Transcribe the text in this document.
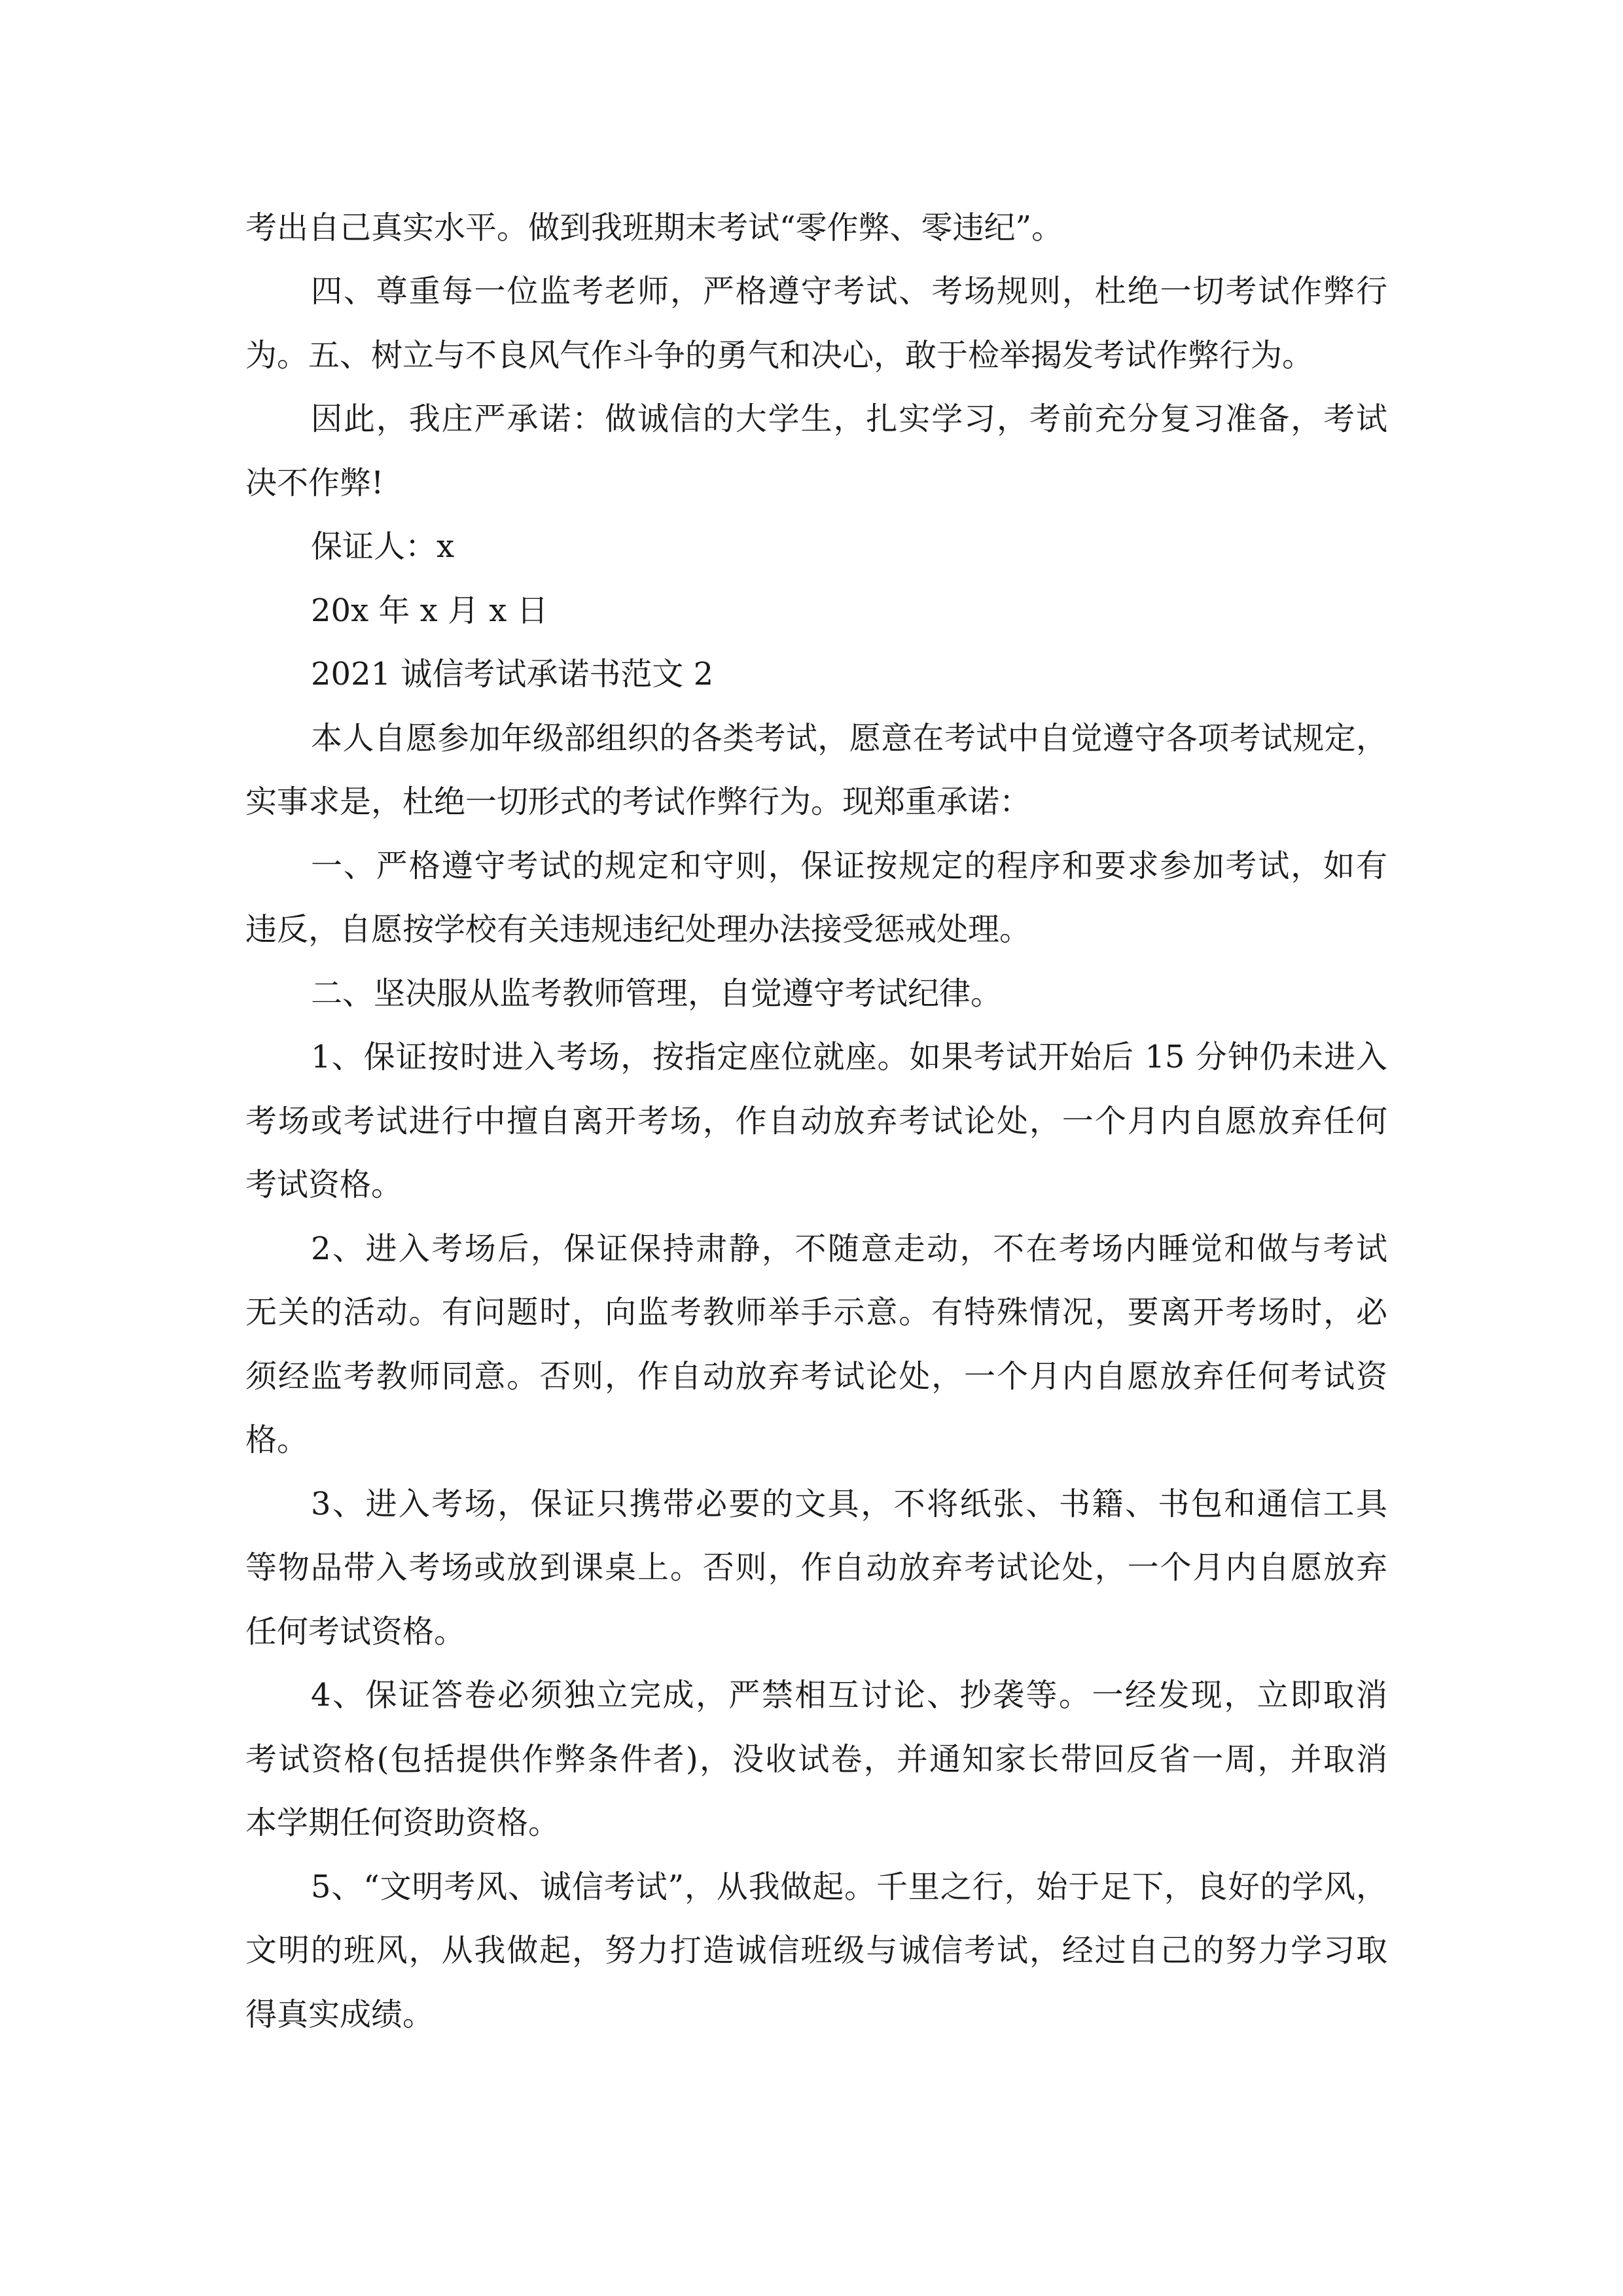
考出自己真实水平。做到我班期末考试“零作弊、零违纪”。
四、尊重每一位监考老师，严格遵守考试、考场规则，杜绝一切考试作弊行
为。五、树立与不良风气作斗争的勇气和决心，敢于检举揭发考试作弊行为。
因此，我庄严承诺：做诚信的大学生，扎实学习，考前充分复习准备，考试
决不作弊!
保证人：x
20x 年 x 月 x 日
2021 诚信考试承诺书范文 2
本人自愿参加年级部组织的各类考试，愿意在考试中自觉遵守各项考试规定，
实事求是，杜绝一切形式的考试作弊行为。现郑重承诺：
一、严格遵守考试的规定和守则，保证按规定的程序和要求参加考试，如有
违反，自愿按学校有关违规违纪处理办法接受惩戒处理。
二、坚决服从监考教师管理，自觉遵守考试纪律。
1、保证按时进入考场，按指定座位就座。如果考试开始后 15 分钟仍未进入
考场或考试进行中擅自离开考场，作自动放弃考试论处，一个月内自愿放弃任何
考试资格。
2、进入考场后，保证保持肃静，不随意走动，不在考场内睡觉和做与考试
无关的活动。有问题时，向监考教师举手示意。有特殊情况，要离开考场时，必
须经监考教师同意。否则，作自动放弃考试论处，一个月内自愿放弃任何考试资
格。
3、进入考场，保证只携带必要的文具，不将纸张、书籍、书包和通信工具
等物品带入考场或放到课桌上。否则，作自动放弃考试论处，一个月内自愿放弃
任何考试资格。
4、保证答卷必须独立完成，严禁相互讨论、抄袭等。一经发现，立即取消
考试资格(包括提供作弊条件者)，没收试卷，并通知家长带回反省一周，并取消
本学期任何资助资格。
5、“文明考风、诚信考试”，从我做起。千里之行，始于足下，良好的学风，
文明的班风，从我做起，努力打造诚信班级与诚信考试，经过自己的努力学习取
得真实成绩。
